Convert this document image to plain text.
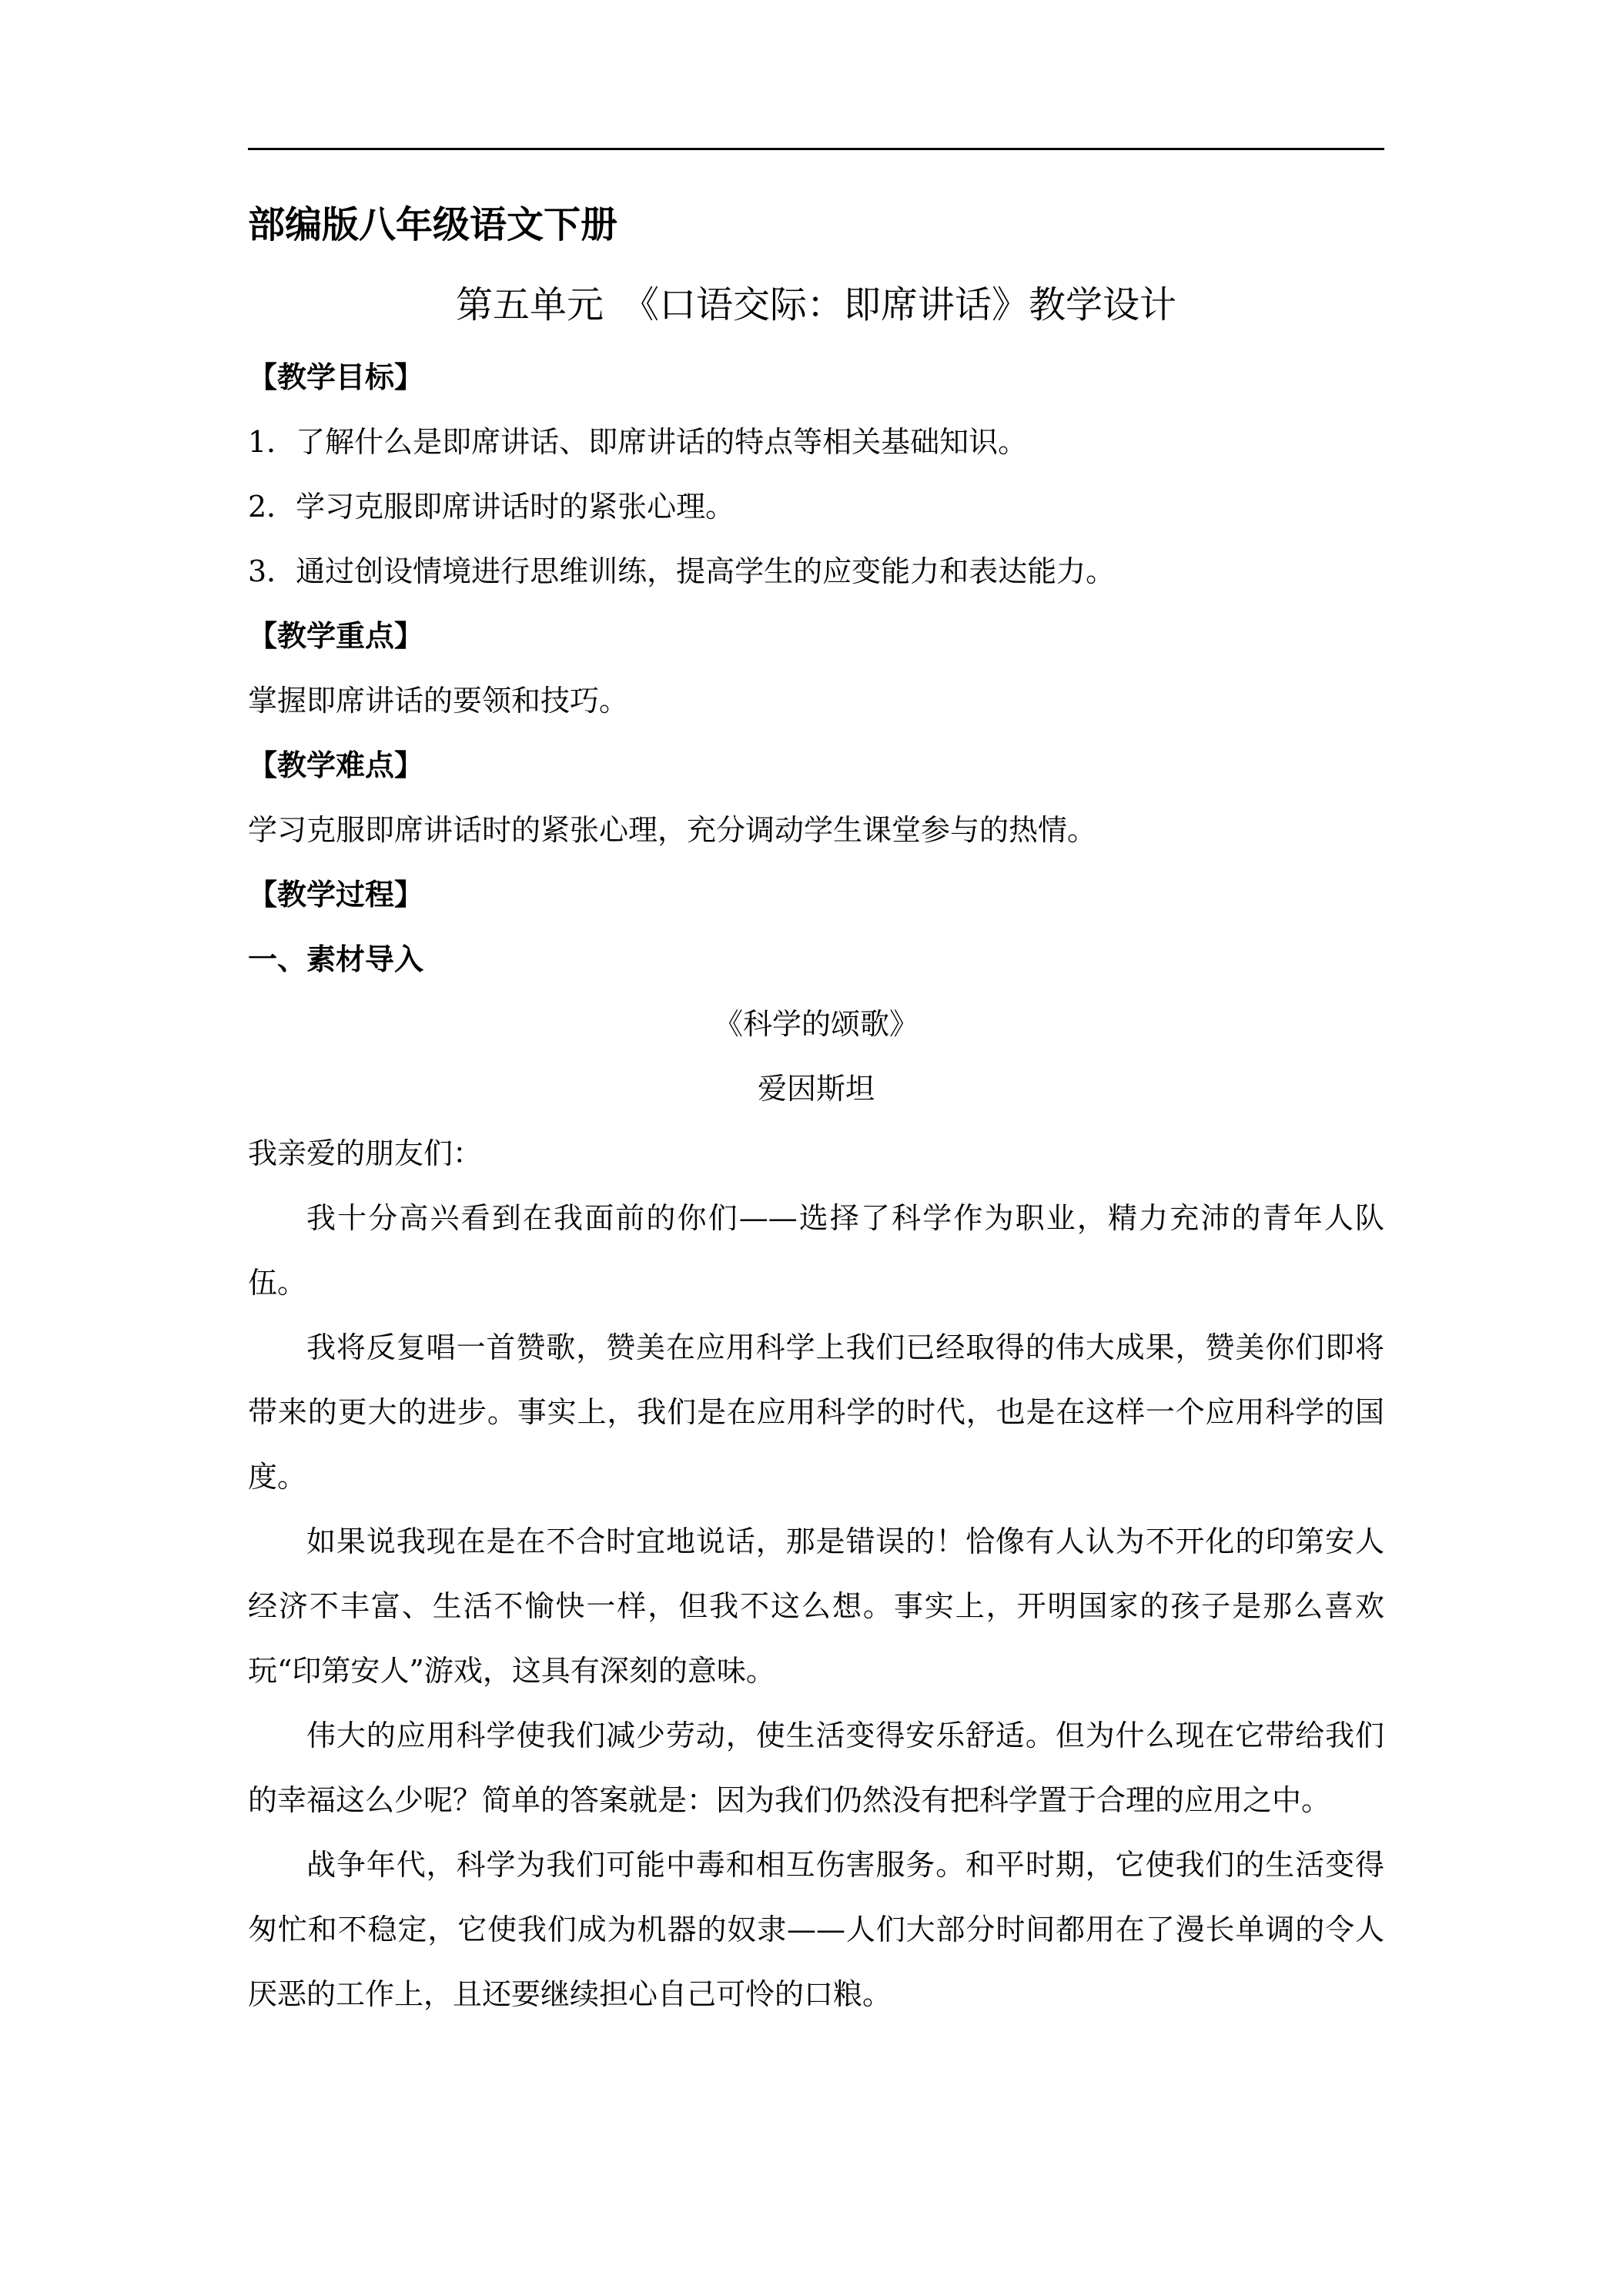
部编版八年级语文下册

第五单元　《口语交际：即席讲话》教学设计

【教学目标】

1．了解什么是即席讲话、即席讲话的特点等相关基础知识。

2．学习克服即席讲话时的紧张心理。

3．通过创设情境进行思维训练，提高学生的应变能力和表达能力。

【教学重点】

掌握即席讲话的要领和技巧。

【教学难点】

学习克服即席讲话时的紧张心理，充分调动学生课堂参与的热情。

【教学过程】

一、素材导入

《科学的颂歌》

爱因斯坦

我亲爱的朋友们：

我十分高兴看到在我面前的你们——选择了科学作为职业，精力充沛的青年人队伍。

我将反复唱一首赞歌，赞美在应用科学上我们已经取得的伟大成果，赞美你们即将带来的更大的进步。事实上，我们是在应用科学的时代，也是在这样一个应用科学的国度。

如果说我现在是在不合时宜地说话，那是错误的！恰像有人认为不开化的印第安人经济不丰富、生活不愉快一样，但我不这么想。事实上，开明国家的孩子是那么喜欢玩“印第安人”游戏，这具有深刻的意味。

伟大的应用科学使我们减少劳动，使生活变得安乐舒适。但为什么现在它带给我们的幸福这么少呢？简单的答案就是：因为我们仍然没有把科学置于合理的应用之中。

战争年代，科学为我们可能中毒和相互伤害服务。和平时期，它使我们的生活变得匆忙和不稳定，它使我们成为机器的奴隶——人们大部分时间都用在了漫长单调的令人厌恶的工作上，且还要继续担心自己可怜的口粮。
